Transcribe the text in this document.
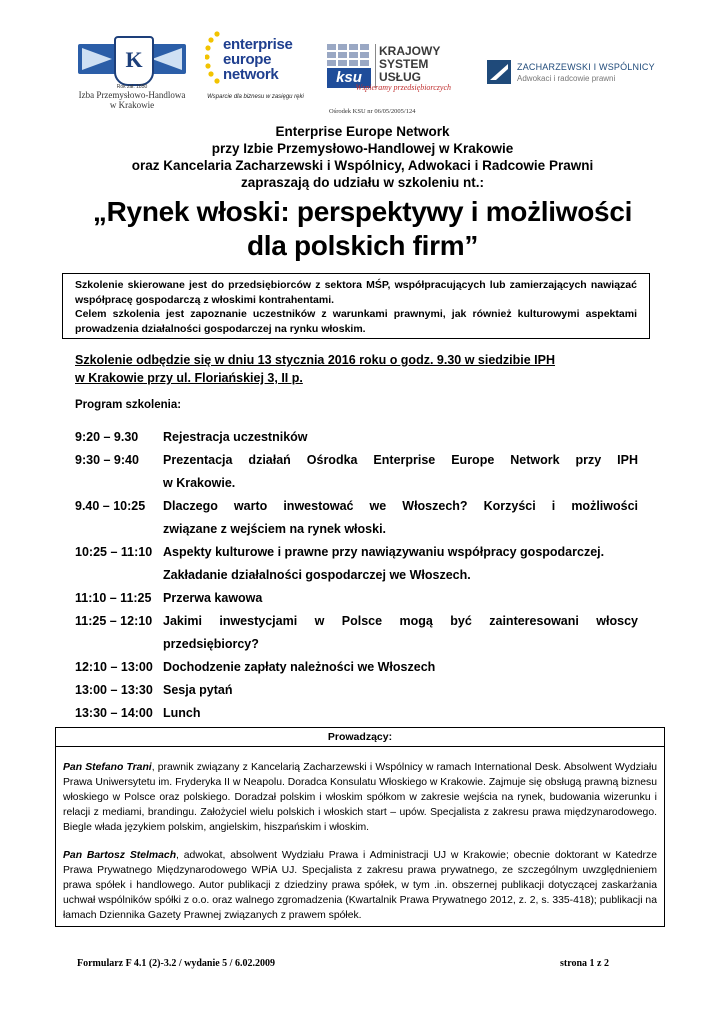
K
Rok zał. 1850
Izba Przemysłowo-Handlowa
w Krakowie
enterprise
europe
network
Wsparcie dla biznesu w zasięgu ręki
ksu
KRAJOWY
SYSTEM
USŁUG
Wspieramy przedsiębiorczych
Ośrodek KSU nr 06/05/2005/124
ZACHARZEWSKI I WSPÓLNICY
Adwokaci i radcowie prawni
Enterprise Europe Network
przy Izbie Przemysłowo-Handlowej w Krakowie
oraz Kancelaria Zacharzewski i Wspólnicy, Adwokaci i Radcowie Prawni
zapraszają do udziału w szkoleniu nt.:
„Rynek włoski: perspektywy i możliwości
dla polskich firm”

Szkolenie skierowane jest do przedsiębiorców z sektora MŚP, współpracujących lub zamierzających nawiązać współpracę gospodarczą z włoskimi kontrahentami.

Celem szkolenia jest zapoznanie uczestników z warunkami prawnymi, jak również kulturowymi aspektami prowadzenia działalności gospodarczej na rynku włoskim.

Szkolenie odbędzie się w dniu 13 stycznia 2016 roku o godz. 9.30 w siedzibie IPH
w Krakowie przy ul. Floriańskiej 3, II p.
Program szkolenia:
9:20 – 9.30 Rejestracja uczestników
9:30 – 9:40 Prezentacja działań Ośrodka Enterprise Europe Network przy IPH
w Krakowie.
9.40 – 10:25 Dlaczego warto inwestować we Włoszech? Korzyści i możliwości
związane z wejściem na rynek włoski.
10:25 – 11:10 Aspekty kulturowe i prawne przy nawiązywaniu współpracy gospodarczej.
Zakładanie działalności gospodarczej we Włoszech.
11:10 – 11:25 Przerwa kawowa
11:25 – 12:10 Jakimi inwestycjami w Polsce mogą być zainteresowani włoscy
przedsiębiorcy?
12:10 – 13:00 Dochodzenie zapłaty należności we Włoszech
13:00 – 13:30 Sesja pytań
13:30 – 14:00 Lunch
Prowadzący:

Pan Stefano Trani, prawnik związany z Kancelarią Zacharzewski i Wspólnicy w ramach International Desk. Absolwent Wydziału Prawa Uniwersytetu im. Fryderyka II w Neapolu. Doradca Konsulatu Włoskiego w Krakowie. Zajmuje się obsługą prawną biznesu włoskiego w Polsce oraz polskiego. Doradzał polskim i włoskim spółkom w zakresie wejścia na rynek, budowania wizerunku i relacji z mediami, brandingu. Założyciel wielu polskich i włoskich start – upów. Specjalista z zakresu prawa międzynarodowego. Biegle włada językiem polskim, angielskim, hiszpańskim i włoskim.

Pan Bartosz Stelmach, adwokat, absolwent Wydziału Prawa i Administracji UJ w Krakowie; obecnie doktorant w Katedrze Prawa Prywatnego Międzynarodowego WPiA UJ. Specjalista z zakresu prawa prywatnego, ze szczególnym uwzględnieniem prawa spółek i handlowego. Autor publikacji z dziedziny prawa spółek, w tym .in. obszernej publikacji dotyczącej zaskarżania uchwał wspólników spółki z o.o. oraz walnego zgromadzenia (Kwartalnik Prawa Prywatnego 2012, z. 2, s. 335-418); publikacji na łamach Dziennika Gazety Prawnej związanych z prawem spółek.

Formularz F 4.1 (2)-3.2 / wydanie 5 / 6.02.2009	strona 1 z 2
